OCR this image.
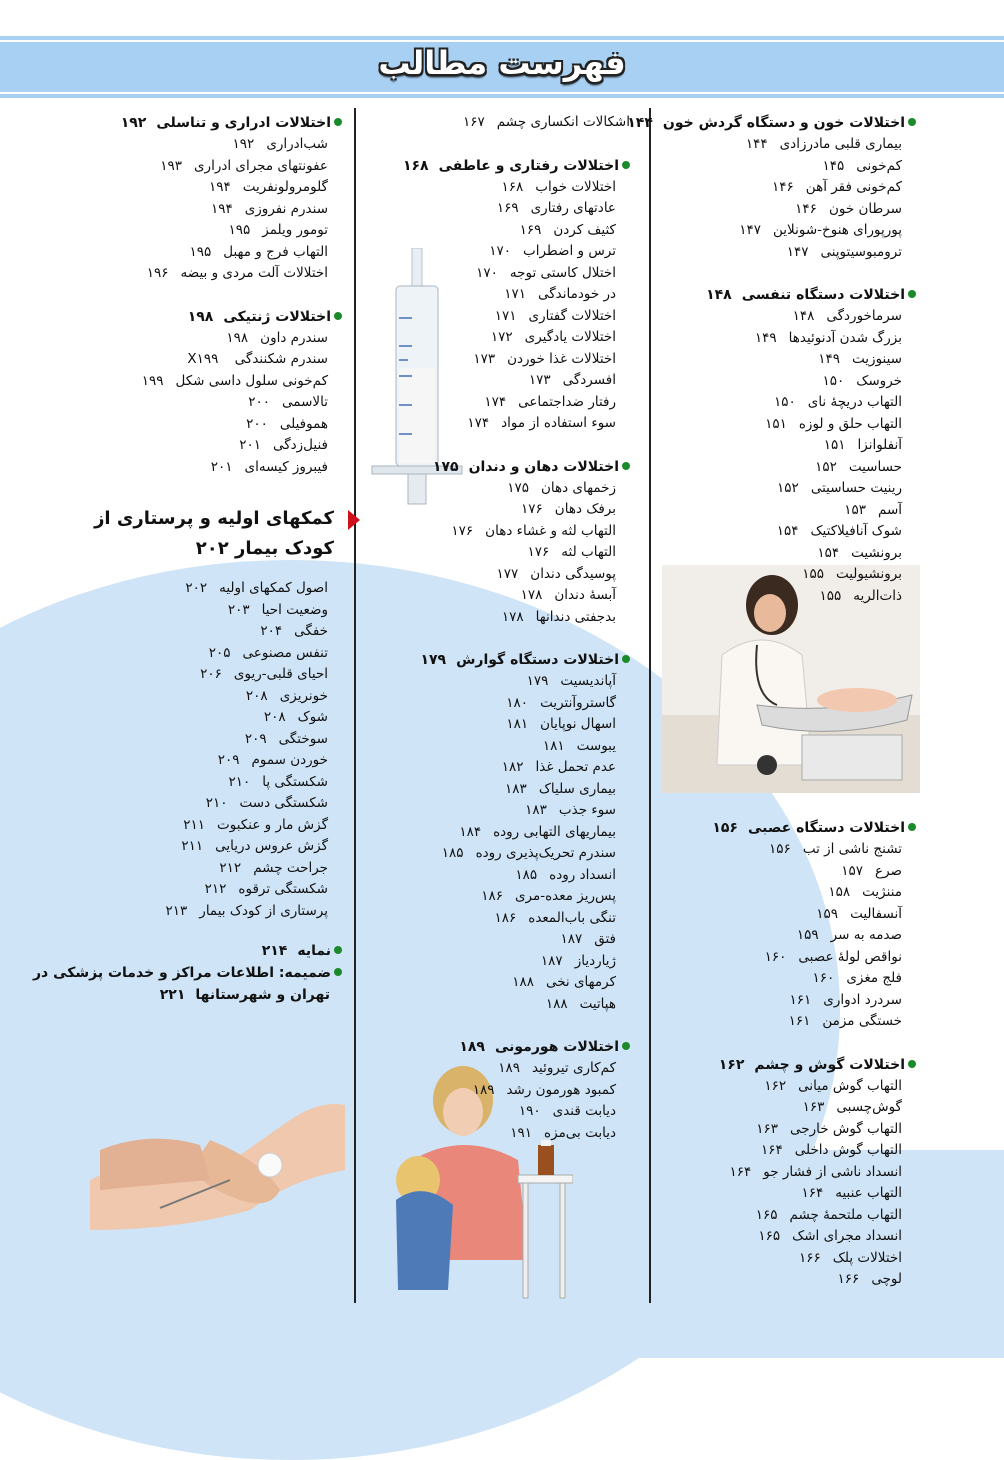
فهرست مطالب
اختلالات خون و دستگاه گردش خون۱۴۴
بیماری قلبی مادرزادی۱۴۴
کم‌خونی۱۴۵
کم‌خونی فقر آهن۱۴۶
سرطان خون۱۴۶
پورپورای هنوخ-شونلاین۱۴۷
ترومبوسیتوپنی۱۴۷
اختلالات دستگاه تنفسی۱۴۸
سرماخوردگی۱۴۸
بزرگ شدن آدنوئیدها۱۴۹
سینوزیت۱۴۹
خروسک۱۵۰
التهاب دریچهٔ نای۱۵۰
التهاب حلق و لوزه۱۵۱
آنفلوانزا۱۵۱
حساسیت۱۵۲
رینیت حساسیتی۱۵۲
آسم۱۵۳
شوک آنافیلاکتیک۱۵۴
برونشیت۱۵۴
برونشیولیت۱۵۵
ذات‌الریه۱۵۵
اختلالات دستگاه عصبی۱۵۶
تشنج ناشی از تب۱۵۶
صرع۱۵۷
مننژیت۱۵۸
آنسفالیت۱۵۹
صدمه به سر۱۵۹
نواقص لولهٔ عصبی۱۶۰
فلج مغزی۱۶۰
سردرد ادواری۱۶۱
خستگی مزمن۱۶۱
اختلالات گوش و چشم۱۶۲
التهاب گوش میانی۱۶۲
گوش‌چسبی۱۶۳
التهاب گوش خارجی۱۶۳
التهاب گوش داخلی۱۶۴
انسداد ناشی از فشار جو۱۶۴
التهاب عنبیه۱۶۴
التهاب ملتحمهٔ چشم۱۶۵
انسداد مجرای اشک۱۶۵
اختلالات پلک۱۶۶
لوچی۱۶۶
اشکالات انکساری چشم۱۶۷
اختلالات رفتاری و عاطفی۱۶۸
اختلالات خواب۱۶۸
عادتهای رفتاری۱۶۹
کثیف کردن۱۶۹
ترس و اضطراب۱۷۰
اختلال کاستی توجه۱۷۰
در خودماندگی۱۷۱
اختلالات گفتاری۱۷۱
اختلالات یادگیری۱۷۲
اختلالات غذا خوردن۱۷۳
افسردگی۱۷۳
رفتار ضداجتماعی۱۷۴
سوء استفاده از مواد۱۷۴
اختلالات دهان و دندان۱۷۵
زخمهای دهان۱۷۵
برفک دهان۱۷۶
التهاب لثه و غشاء دهان۱۷۶
التهاب لثه۱۷۶
پوسیدگی دندان۱۷۷
آبسهٔ دندان۱۷۸
بدجفتی دندانها۱۷۸
اختلالات دستگاه گوارش۱۷۹
آپاندیسیت۱۷۹
گاستروآنتریت۱۸۰
اسهال نوپایان۱۸۱
یبوست۱۸۱
عدم تحمل غذا۱۸۲
بیماری سلیاک۱۸۳
سوء جذب۱۸۳
بیماریهای التهابی روده۱۸۴
سندرم تحریک‌پذیری روده۱۸۵
انسداد روده۱۸۵
پس‌ریز معده-مری۱۸۶
تنگی باب‌المعده۱۸۶
فتق۱۸۷
ژیاردیاز۱۸۷
کرمهای نخی۱۸۸
هپاتیت۱۸۸
اختلالات هورمونی۱۸۹
کم‌کاری تیروئید۱۸۹
کمبود هورمون رشد۱۸۹
دیابت قندی۱۹۰
دیابت بی‌مزه۱۹۱
اختلالات ادراری و تناسلی۱۹۲
شب‌ادراری۱۹۲
عفونتهای مجرای ادراری۱۹۳
گلومرولونفریت۱۹۴
سندرم نفروزی۱۹۴
تومور ویلمز۱۹۵
التهاب فرج و مهبل۱۹۵
اختلالات آلت مردی و بیضه۱۹۶
اختلالات ژنتیکی۱۹۸
سندرم داون۱۹۸
سندرم شکنندگی X۱۹۹
کم‌خونی سلول داسی شکل۱۹۹
تالاسمی۲۰۰
هموفیلی۲۰۰
فنیل‌زدگی۲۰۱
فیبروز کیسه‌ای۲۰۱
کمکهای اولیه و پرستاری از
کودک بیمار ۲۰۲
اصول کمکهای اولیه۲۰۲
وضعیت احیا۲۰۳
خفگی۲۰۴
تنفس مصنوعی۲۰۵
احیای قلبی-ریوی۲۰۶
خونریزی۲۰۸
شوک۲۰۸
سوختگی۲۰۹
خوردن سموم۲۰۹
شکستگی پا۲۱۰
شکستگی دست۲۱۰
گزش مار و عنکبوت۲۱۱
گزش عروس دریایی۲۱۱
جراحت چشم۲۱۲
شکستگی ترقوه۲۱۲
پرستاری از کودک بیمار۲۱۳
نمایه۲۱۴
ضمیمه: اطلاعات مراکز و خدمات پزشکی در
تهران و شهرستانها۲۲۱
